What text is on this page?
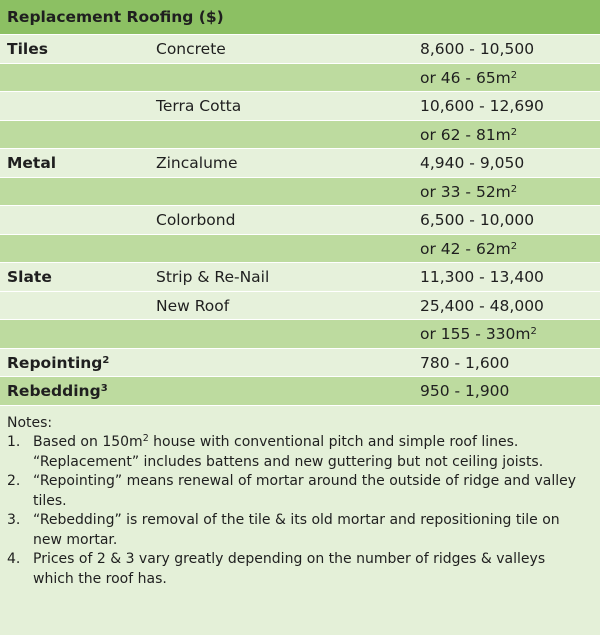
Replacement Roofing ($)
Tiles	Concrete	8,600 - 10,500
or $46 - 65m^2$
Terra Cotta	10,600 - 12,690
or $62 - 81m^2$
Metal	Zincalume	4,940 - 9,050
or $33 - 52m^2$
Colorbond	6,500 - 10,000
or $42 - 62m^2$
Slate	Strip & Re-Nail	11,300 - 13,400
New Roof	25,400 - 48,000
or $155 - 330m^2$
Repointing$^2$	780 - 1,600
Rebedding$^3$	950 - 1,900
Notes:
1. Based on $150m^2$ house with conventional pitch and simple roof lines. “Replacement” includes battens and new guttering but not ceiling joists.
2. “Repointing” means renewal of mortar around the outside of ridge and valley tiles.
3. “Rebedding” is removal of the tile & its old mortar and repositioning tile on new mortar.
4. Prices of 2 & 3 vary greatly depending on the number of ridges & valleys which the roof has.
